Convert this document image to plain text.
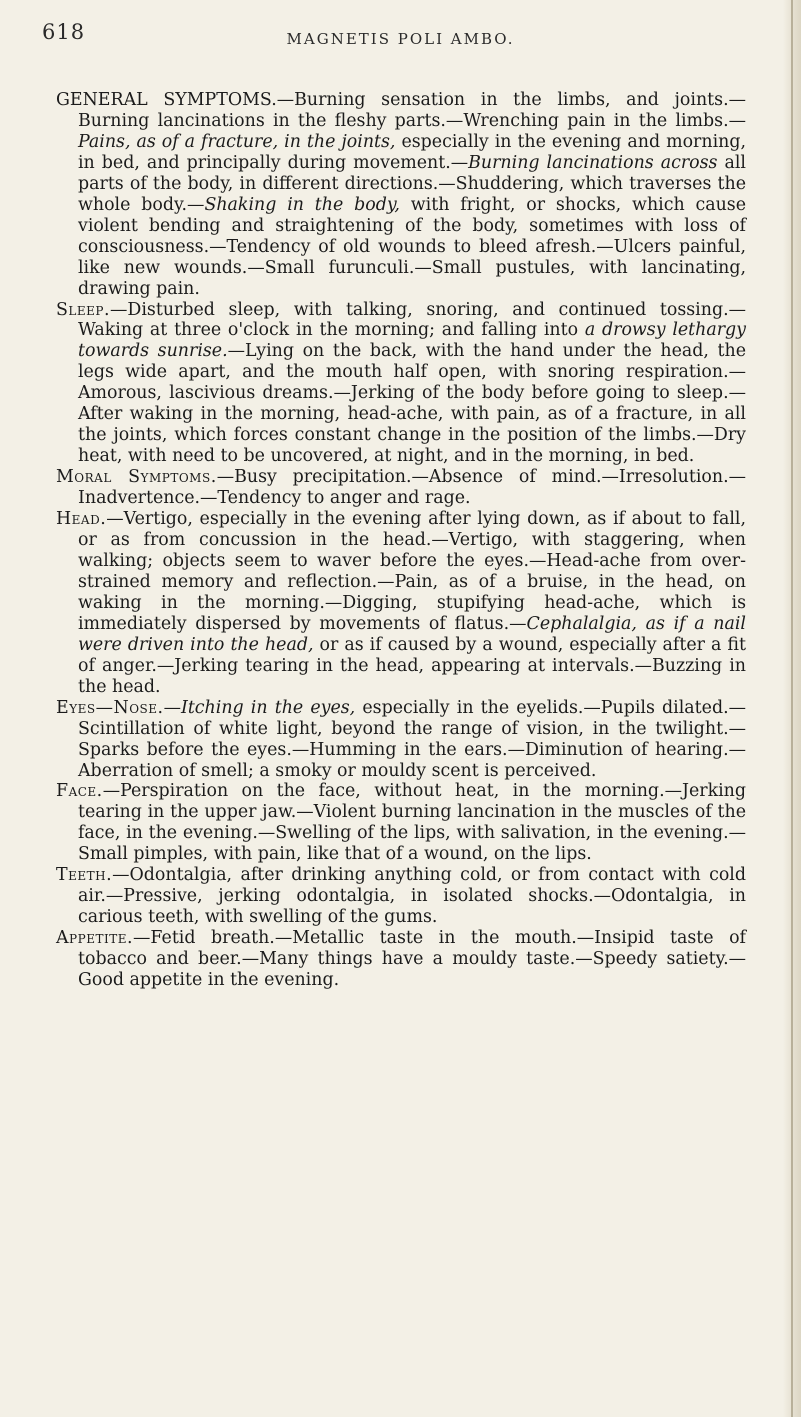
618	MAGNETIS POLI AMBO.

GENERAL SYMPTOMS.—Burning sensation in the limbs, and joints.—Burning lancinations in the fleshy parts.—Wrenching pain in the limbs.—Pains, as of a fracture, in the joints, especially in the evening and morning, in bed, and principally during movement.—Burning lancinations across all parts of the body, in different directions.—Shuddering, which traverses the whole body.—Shaking in the body, with fright, or shocks, which cause violent bending and straightening of the body, sometimes with loss of consciousness.—Tendency of old wounds to bleed afresh.—Ulcers painful, like new wounds.—Small furunculi.—Small pustules, with lancinating, drawing pain.

Sleep.—Disturbed sleep, with talking, snoring, and continued tossing.—Waking at three o'clock in the morning; and falling into a drowsy lethargy towards sunrise.—Lying on the back, with the hand under the head, the legs wide apart, and the mouth half open, with snoring respiration.—Amorous, lascivious dreams.—Jerking of the body before going to sleep.—After waking in the morning, head-ache, with pain, as of a fracture, in all the joints, which forces constant change in the position of the limbs.—Dry heat, with need to be uncovered, at night, and in the morning, in bed.

Moral Symptoms.—Busy precipitation.—Absence of mind.—Irresolution.—Inadvertence.—Tendency to anger and rage.

Head.—Vertigo, especially in the evening after lying down, as if about to fall, or as from concussion in the head.—Vertigo, with staggering, when walking; objects seem to waver before the eyes.—Head-ache from over-strained memory and reflection.—Pain, as of a bruise, in the head, on waking in the morning.—Digging, stupifying head-ache, which is immediately dispersed by movements of flatus.—Cephalalgia, as if a nail were driven into the head, or as if caused by a wound, especially after a fit of anger.—Jerking tearing in the head, appearing at intervals.—Buzzing in the head.

Eyes—Nose.—Itching in the eyes, especially in the eyelids.—Pupils dilated.—Scintillation of white light, beyond the range of vision, in the twilight.—Sparks before the eyes.—Humming in the ears.—Diminution of hearing.—Aberration of smell; a smoky or mouldy scent is perceived.

Face.—Perspiration on the face, without heat, in the morning.—Jerking tearing in the upper jaw.—Violent burning lancination in the muscles of the face, in the evening.—Swelling of the lips, with salivation, in the evening.—Small pimples, with pain, like that of a wound, on the lips.

Teeth.—Odontalgia, after drinking anything cold, or from contact with cold air.—Pressive, jerking odontalgia, in isolated shocks.—Odontalgia, in carious teeth, with swelling of the gums.

Appetite.—Fetid breath.—Metallic taste in the mouth.—Insipid taste of tobacco and beer.—Many things have a mouldy taste.—Speedy satiety.—Good appetite in the evening.
